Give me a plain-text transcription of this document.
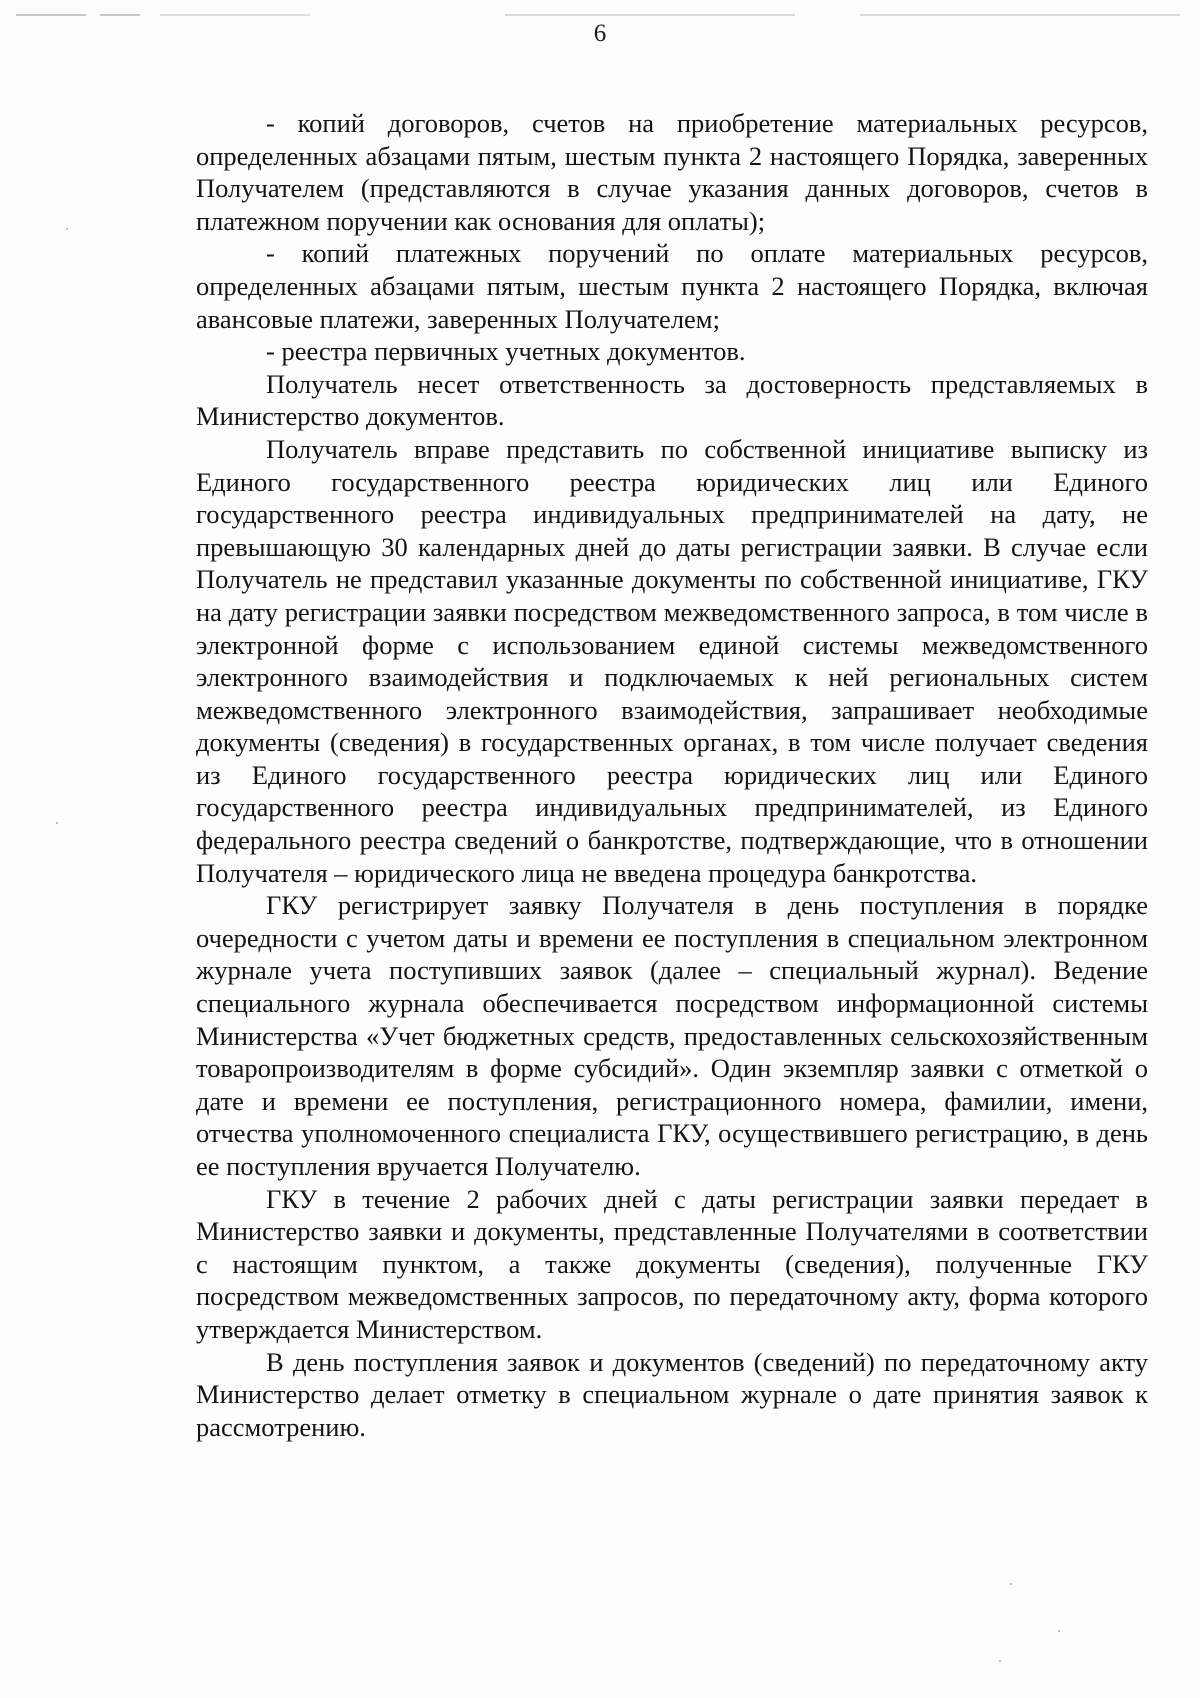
6

- копий договоров, счетов на приобретение материальных ресурсов, определенных абзацами пятым, шестым пункта 2 настоящего Порядка, заверенных Получателем (представляются в случае указания данных договоров, счетов в платежном поручении как основания для оплаты);

- копий платежных поручений по оплате материальных ресурсов, определенных абзацами пятым, шестым пункта 2 настоящего Порядка, включая авансовые платежи, заверенных Получателем;

- реестра первичных учетных документов.

Получатель несет ответственность за достоверность представляемых в Министерство документов.

Получатель вправе представить по собственной инициативе выписку из Единого государственного реестра юридических лиц или Единого государственного реестра индивидуальных предпринимателей на дату, не превышающую 30 календарных дней до даты регистрации заявки. В случае если Получатель не представил указанные документы по собственной инициативе, ГКУ на дату регистрации заявки посредством межведомственного запроса, в том числе в электронной форме с использованием единой системы межведомственного электронного взаимодействия и подключаемых к ней региональных систем межведомственного электронного взаимодействия, запрашивает необходимые документы (сведения) в государственных органах, в том числе получает сведения из Единого государственного реестра юридических лиц или Единого государственного реестра индивидуальных предпринимателей, из Единого федерального реестра сведений о банкротстве, подтверждающие, что в отношении Получателя – юридического лица не введена процедура банкротства.

ГКУ регистрирует заявку Получателя в день поступления в порядке очередности с учетом даты и времени ее поступления в специальном электронном журнале учета поступивших заявок (далее – специальный журнал). Ведение специального журнала обеспечивается посредством информационной системы Министерства «Учет бюджетных средств, предоставленных сельскохозяйственным товаропроизводителям в форме субсидий». Один экземпляр заявки с отметкой о дате и времени ее поступления, регистрационного номера, фамилии, имени, отчества уполномоченного специалиста ГКУ, осуществившего регистрацию, в день ее поступления вручается Получателю.

ГКУ в течение 2 рабочих дней с даты регистрации заявки передает в Министерство заявки и документы, представленные Получателями в соответствии с настоящим пунктом, а также документы (сведения), полученные ГКУ посредством межведомственных запросов, по передаточному акту, форма которого утверждается Министерством.

В день поступления заявок и документов (сведений) по передаточному акту Министерство делает отметку в специальном журнале о дате принятия заявок к рассмотрению.
